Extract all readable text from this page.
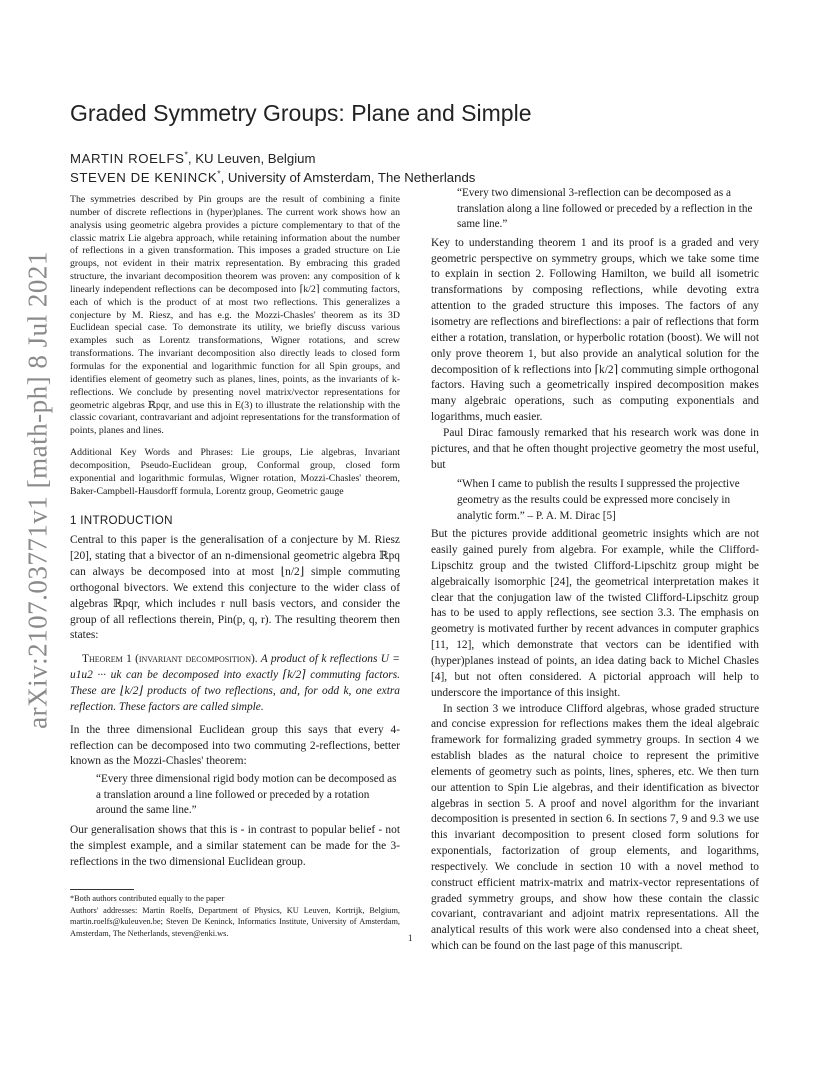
arXiv:2107.03771v1 [math-ph] 8 Jul 2021
Graded Symmetry Groups: Plane and Simple
MARTIN ROELFS*, KU Leuven, Belgium
STEVEN DE KENINCK*, University of Amsterdam, The Netherlands

The symmetries described by Pin groups are the result of combining a finite number of discrete reflections in (hyper)planes. The current work shows how an analysis using geometric algebra provides a picture complementary to that of the classic matrix Lie algebra approach, while retaining information about the number of reflections in a given transformation. This imposes a graded structure on Lie groups, not evident in their matrix representation. By embracing this graded structure, the invariant decomposition theorem was proven: any composition of k linearly independent reflections can be decomposed into ⌈k/2⌉ commuting factors, each of which is the product of at most two reflections. This generalizes a conjecture by M. Riesz, and has e.g. the Mozzi-Chasles' theorem as its 3D Euclidean special case. To demonstrate its utility, we briefly discuss various examples such as Lorentz transformations, Wigner rotations, and screw transformations. The invariant decomposition also directly leads to closed form formulas for the exponential and logarithmic function for all Spin groups, and identifies element of geometry such as planes, lines, points, as the invariants of k-reflections. We conclude by presenting novel matrix/vector representations for geometric algebras ℝpqr, and use this in E(3) to illustrate the relationship with the classic covariant, contravariant and adjoint representations for the transformation of points, planes and lines.

Additional Key Words and Phrases: Lie groups, Lie algebras, Invariant decomposition, Pseudo-Euclidean group, Conformal group, closed form exponential and logarithmic formulas, Wigner rotation, Mozzi-Chasles' theorem, Baker-Campbell-Hausdorff formula, Lorentz group, Geometric gauge

1 INTRODUCTION

Central to this paper is the generalisation of a conjecture by M. Riesz [20], stating that a bivector of an n-dimensional geometric algebra ℝpq can always be decomposed into at most ⌊n/2⌋ simple commuting orthogonal bivectors. We extend this conjecture to the wider class of algebras ℝpqr, which includes r null basis vectors, and consider the group of all reflections therein, Pin(p, q, r). The resulting theorem then states:

Theorem 1 (invariant decomposition). A product of k reflections U = u1u2 ··· uk can be decomposed into exactly ⌈k/2⌉ commuting factors. These are ⌊k/2⌋ products of two reflections, and, for odd k, one extra reflection. These factors are called simple.

In the three dimensional Euclidean group this says that every 4-reflection can be decomposed into two commuting 2-reflections, better known as the Mozzi-Chasles' theorem:

“Every three dimensional rigid body motion can be decomposed as a translation around a line followed or preceded by a rotation around the same line.”

Our generalisation shows that this is - in contrast to popular belief - not the simplest example, and a similar statement can be made for the 3-reflections in the two dimensional Euclidean group.

*Both authors contributed equally to the paper

Authors' addresses: Martin Roelfs, Department of Physics, KU Leuven, Kortrijk, Belgium, martin.roelfs@kuleuven.be; Steven De Keninck, Informatics Institute, University of Amsterdam, Amsterdam, The Netherlands, steven@enki.ws.

“Every two dimensional 3-reflection can be decomposed as a translation along a line followed or preceded by a reflection in the same line.”

Key to understanding theorem 1 and its proof is a graded and very geometric perspective on symmetry groups, which we take some time to explain in section 2. Following Hamilton, we build all isometric transformations by composing reflections, while devoting extra attention to the graded structure this imposes. The factors of any isometry are reflections and bireflections: a pair of reflections that form either a rotation, translation, or hyperbolic rotation (boost). We will not only prove theorem 1, but also provide an analytical solution for the decomposition of k reflections into ⌈k/2⌉ commuting simple orthogonal factors. Having such a geometrically inspired decomposition makes many algebraic operations, such as computing exponentials and logarithms, much easier.

Paul Dirac famously remarked that his research work was done in pictures, and that he often thought projective geometry the most useful, but

“When I came to publish the results I suppressed the projective geometry as the results could be expressed more concisely in analytic form.” – P. A. M. Dirac [5]

But the pictures provide additional geometric insights which are not easily gained purely from algebra. For example, while the Clifford-Lipschitz group and the twisted Clifford-Lipschitz group might be algebraically isomorphic [24], the geometrical interpretation makes it clear that the conjugation law of the twisted Clifford-Lipschitz group has to be used to apply reflections, see section 3.3. The emphasis on geometry is motivated further by recent advances in computer graphics [11, 12], which demonstrate that vectors can be identified with (hyper)planes instead of points, an idea dating back to Michel Chasles [4], but not often considered. A pictorial approach will help to underscore the importance of this insight.

In section 3 we introduce Clifford algebras, whose graded structure and concise expression for reflections makes them the ideal algebraic framework for formalizing graded symmetry groups. In section 4 we establish blades as the natural choice to represent the primitive elements of geometry such as points, lines, spheres, etc. We then turn our attention to Spin Lie algebras, and their identification as bivector algebras in section 5. A proof and novel algorithm for the invariant decomposition is presented in section 6. In sections 7, 9 and 9.3 we use this invariant decomposition to present closed form solutions for exponentials, factorization of group elements, and logarithms, respectively. We conclude in section 10 with a novel method to construct efficient matrix-matrix and matrix-vector representations of graded symmetry groups, and show how these contain the classic covariant, contravariant and adjoint matrix representations. All the analytical results of this work were also condensed into a cheat sheet, which can be found on the last page of this manuscript.

1
